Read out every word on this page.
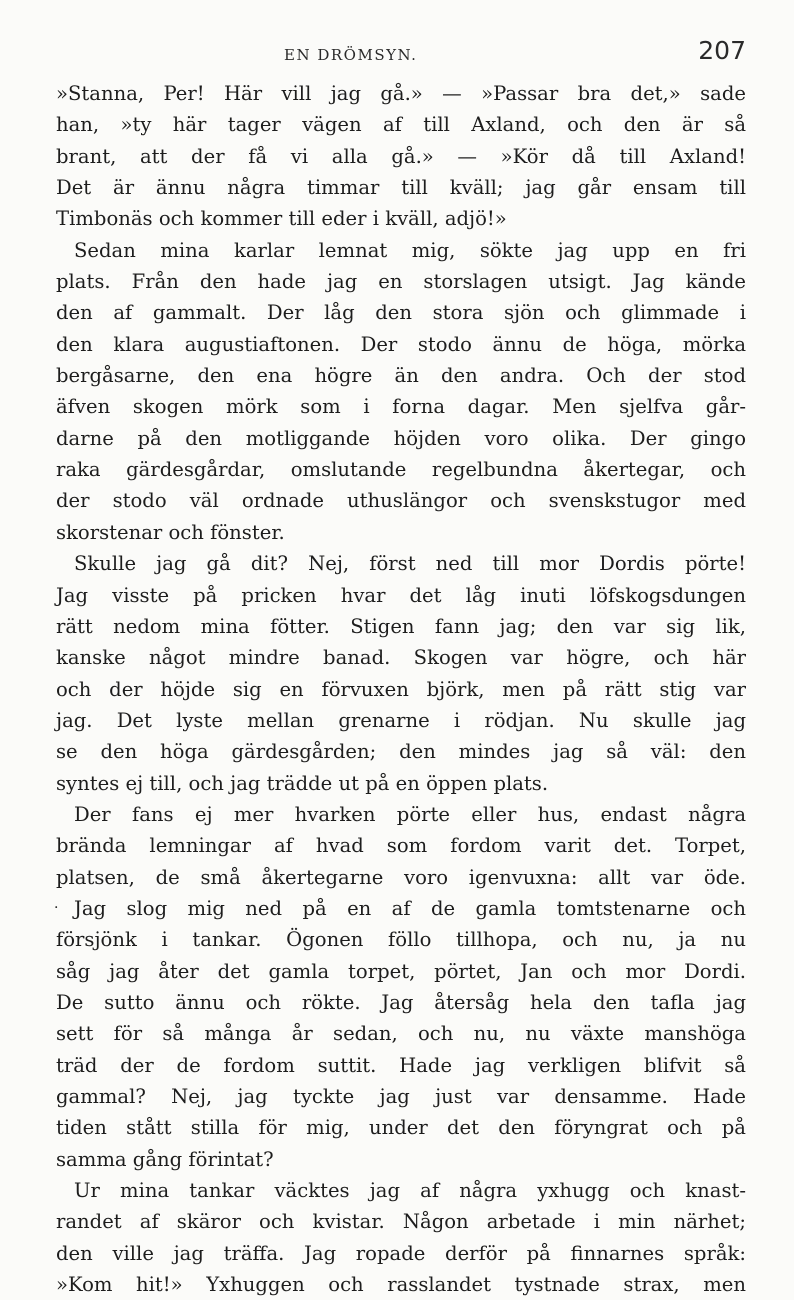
EN DRÖMSYN.	207
»Stanna, Per! Här vill jag gå.» — »Passar bra det,» sade
han, »ty här tager vägen af till Axland, och den är så
brant, att der få vi alla gå.» — »Kör då till Axland!
Det är ännu några timmar till kväll; jag går ensam till
Timbonäs och kommer till eder i kväll, adjö!»
Sedan mina karlar lemnat mig, sökte jag upp en fri
plats. Från den hade jag en storslagen utsigt. Jag kände
den af gammalt. Der låg den stora sjön och glimmade i
den klara augustiaftonen. Der stodo ännu de höga, mörka
bergåsarne, den ena högre än den andra. Och der stod
äfven skogen mörk som i forna dagar. Men sjelfva går-
darne på den motliggande höjden voro olika. Der gingo
raka gärdesgårdar, omslutande regelbundna åkertegar, och
der stodo väl ordnade uthuslängor och svenskstugor med
skorstenar och fönster.
Skulle jag gå dit? Nej, först ned till mor Dordis pörte!
Jag visste på pricken hvar det låg inuti löfskogsdungen
rätt nedom mina fötter. Stigen fann jag; den var sig lik,
kanske något mindre banad. Skogen var högre, och här
och der höjde sig en förvuxen björk, men på rätt stig var
jag. Det lyste mellan grenarne i rödjan. Nu skulle jag
se den höga gärdesgården; den mindes jag så väl: den
syntes ej till, och jag trädde ut på en öppen plats.
Der fans ej mer hvarken pörte eller hus, endast några
brända lemningar af hvad som fordom varit det. Torpet,
platsen, de små åkertegarne voro igenvuxna: allt var öde.
· Jag slog mig ned på en af de gamla tomtstenarne och
försjönk i tankar. Ögonen föllo tillhopa, och nu, ja nu
såg jag åter det gamla torpet, pörtet, Jan och mor Dordi.
De sutto ännu och rökte. Jag återsåg hela den tafla jag
sett för så många år sedan, och nu, nu växte manshöga
träd der de fordom suttit. Hade jag verkligen blifvit så
gammal? Nej, jag tyckte jag just var densamme. Hade
tiden stått stilla för mig, under det den föryngrat och på
samma gång förintat?
Ur mina tankar väcktes jag af några yxhugg och knast-
randet af skäror och kvistar. Någon arbetade i min närhet;
den ville jag träffa. Jag ropade derför på finnarnes språk:
»Kom hit!» Yxhuggen och rasslandet tystnade strax, men
